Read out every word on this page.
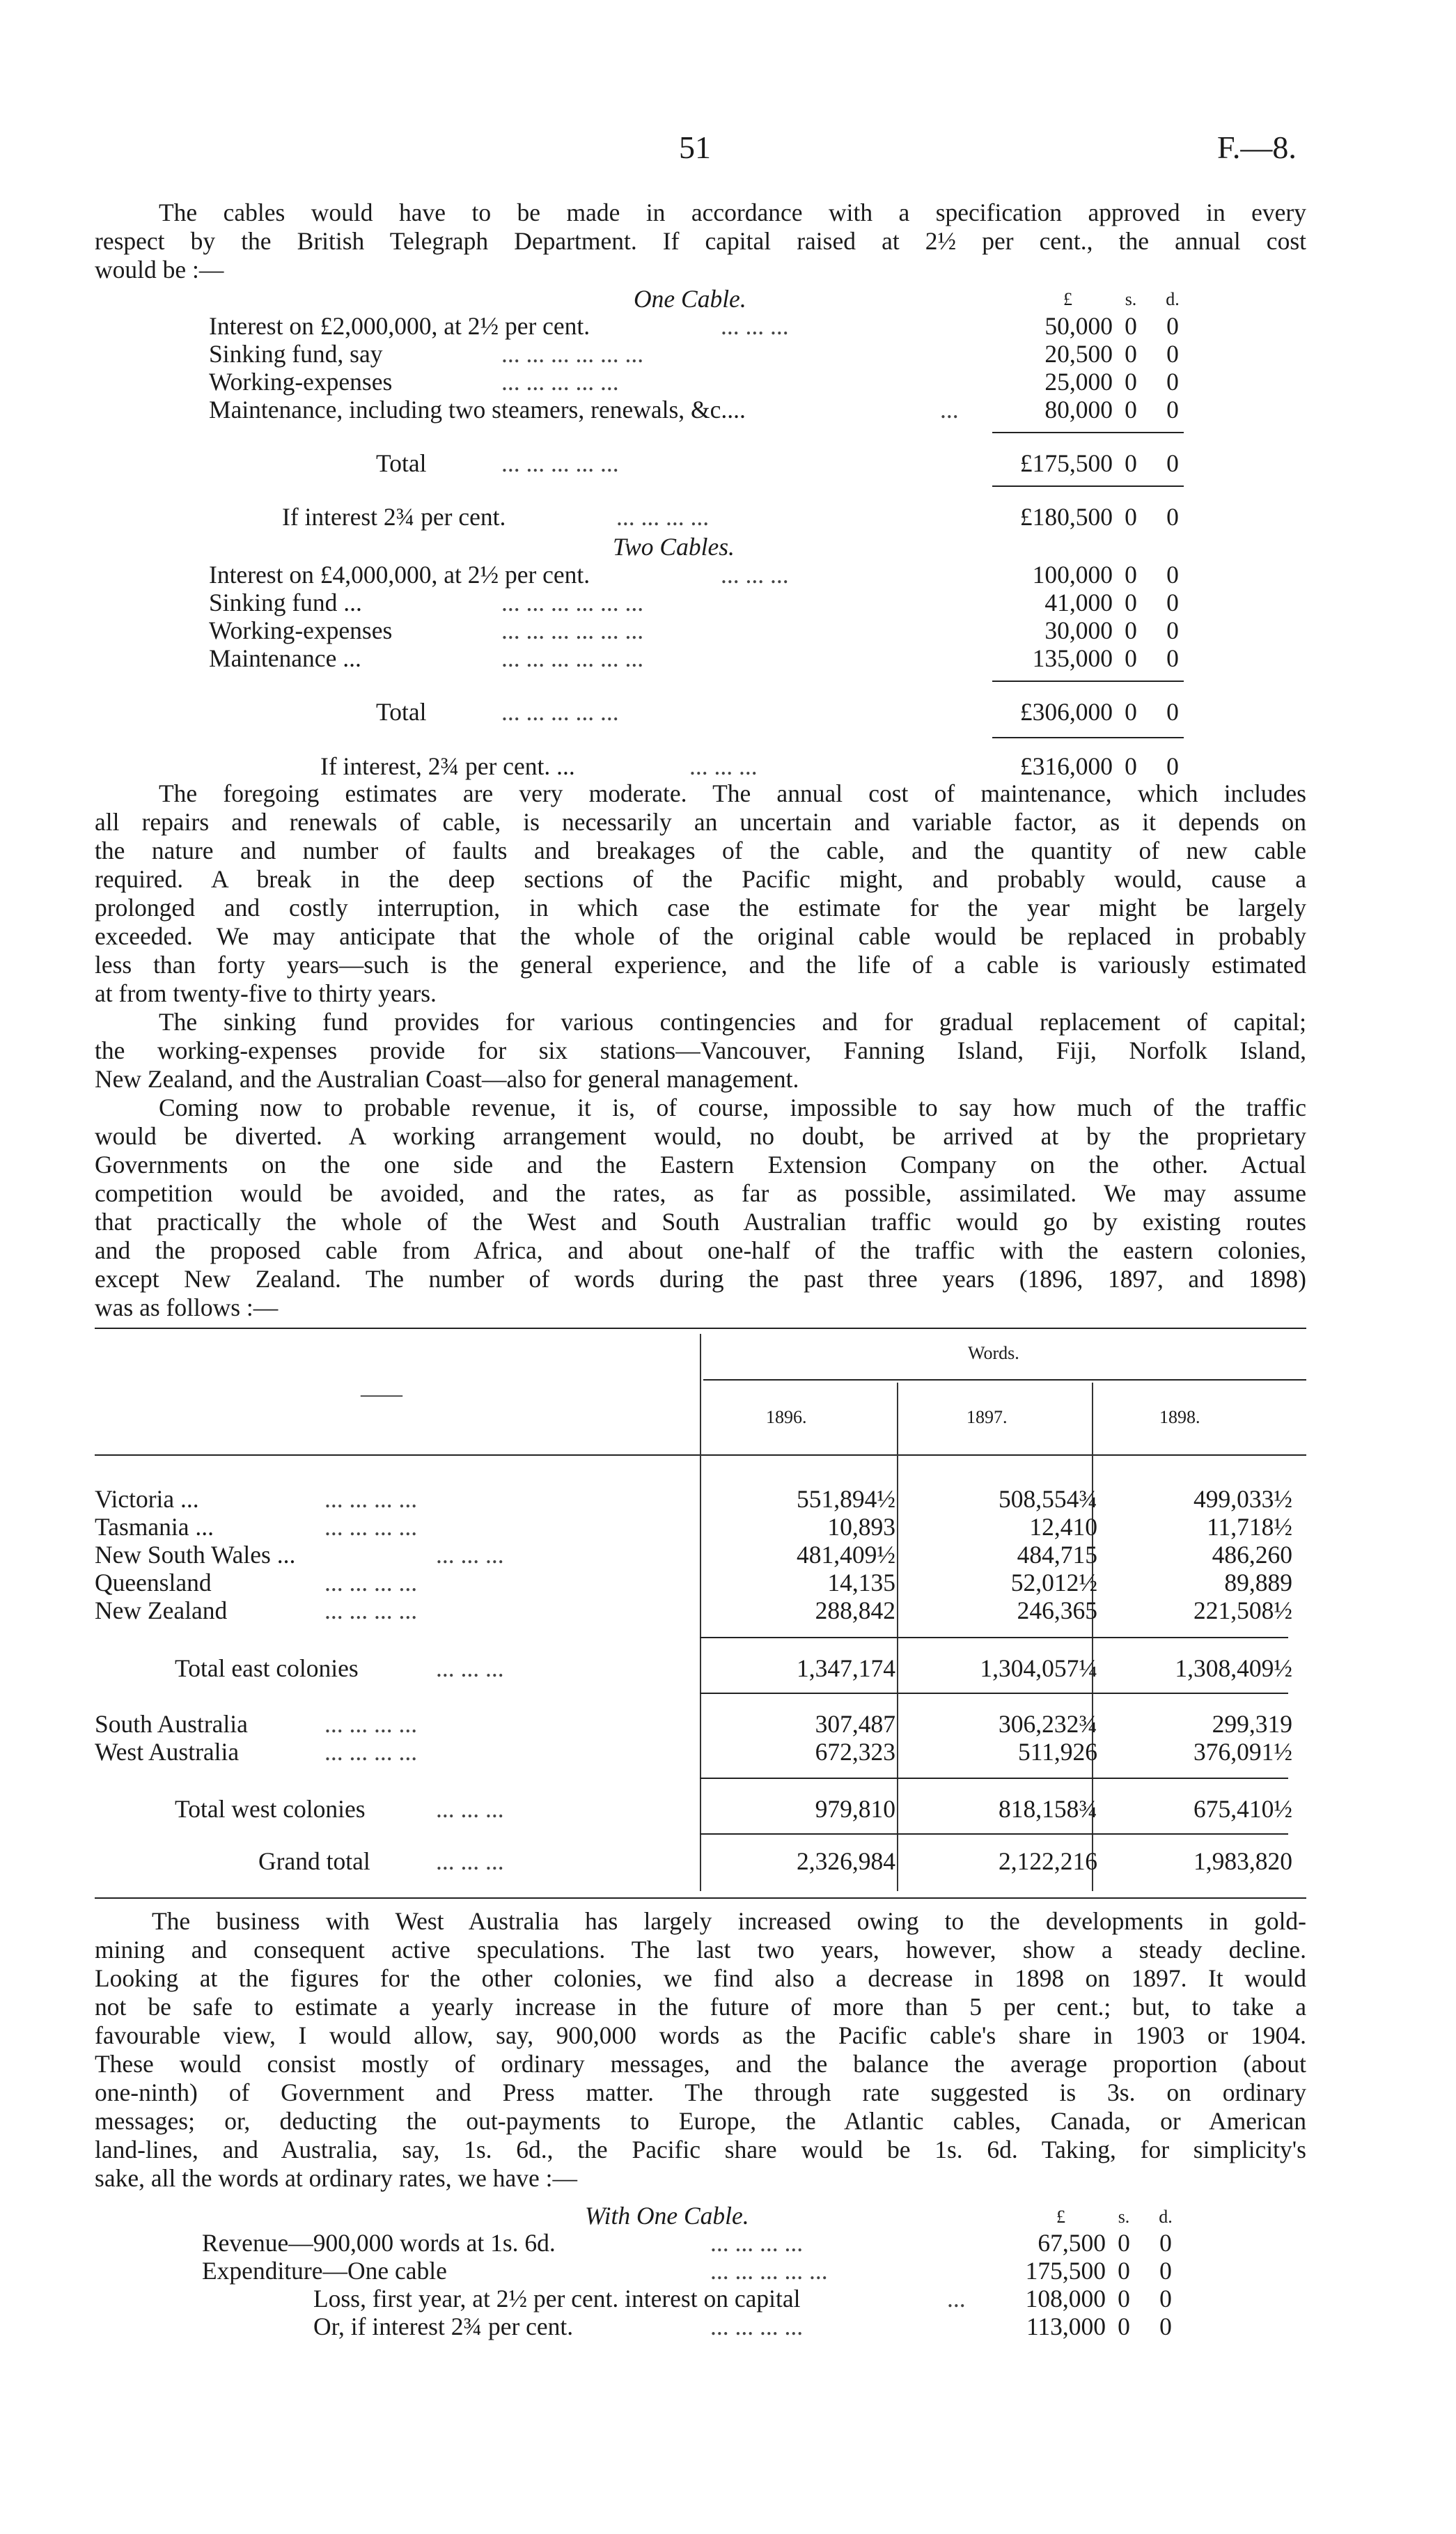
51	F.—8.
The cables would have to be made in accordance with a specification approved in every
respect by the British Telegraph Department. If capital raised at 2½ per cent., the annual cost
would be :—
One Cable.	£	s. d.
Interest on £2,000,000, at 2½ per cent.	... ... ...	50,000 0 0
Sinking fund, say	... ... ... ... ... ...	20,500 0 0
Working-expenses	... ... ... ... ...	25,000 0 0
Maintenance, including two steamers, renewals, &c....	...	80,000 0 0
Total	... ... ... ... ...	£175,500 0 0
If interest 2¾ per cent.	... ... ... ...	£180,500 0 0
Two Cables.
Interest on £4,000,000, at 2½ per cent.	... ... ...	100,000 0 0
Sinking fund ...	... ... ... ... ... ...	41,000 0 0
Working-expenses	... ... ... ... ... ...	30,000 0 0
Maintenance ...	... ... ... ... ... ...	135,000 0 0
Total	... ... ... ... ...	£306,000 0 0
If interest, 2¾ per cent. ...	... ... ...	£316,000 0 0
The foregoing estimates are very moderate. The annual cost of maintenance, which includes
all repairs and renewals of cable, is necessarily an uncertain and variable factor, as it depends on
the nature and number of faults and breakages of the cable, and the quantity of new cable
required. A break in the deep sections of the Pacific might, and probably would, cause a
prolonged and costly interruption, in which case the estimate for the year might be largely
exceeded. We may anticipate that the whole of the original cable would be replaced in probably
less than forty years—such is the general experience, and the life of a cable is variously estimated
at from twenty-five to thirty years.
The sinking fund provides for various contingencies and for gradual replacement of capital;
the working-expenses provide for six stations—Vancouver, Fanning Island, Fiji, Norfolk Island,
New Zealand, and the Australian Coast—also for general management.
Coming now to probable revenue, it is, of course, impossible to say how much of the traffic
would be diverted. A working arrangement would, no doubt, be arrived at by the proprietary
Governments on the one side and the Eastern Extension Company on the other. Actual
competition would be avoided, and the rates, as far as possible, assimilated. We may assume
that practically the whole of the West and South Australian traffic would go by existing routes
and the proposed cable from Africa, and about one-half of the traffic with the eastern colonies,
except New Zealand. The number of words during the past three years (1896, 1897, and 1898)
was as follows :—
Words.
——
1896.	1897.	1898.
Victoria ...	... ... ... ...	551,894½	508,554¾	499,033½
Tasmania ...	... ... ... ...	10,893	12,410	11,718½
New South Wales ...	... ... ...	481,409½	484,715	486,260
Queensland	... ... ... ...	14,135	52,012½	89,889
New Zealand	... ... ... ...	288,842	246,365	221,508½
Total east colonies	... ... ...	1,347,174	1,304,057¼	1,308,409½
South Australia	... ... ... ...	307,487	306,232¾	299,319
West Australia	... ... ... ...	672,323	511,926	376,091½
Total west colonies	... ... ...	979,810	818,158¾	675,410½
Grand total	... ... ...	2,326,984	2,122,216	1,983,820
The business with West Australia has largely increased owing to the developments in gold-
mining and consequent active speculations. The last two years, however, show a steady decline.
Looking at the figures for the other colonies, we find also a decrease in 1898 on 1897. It would
not be safe to estimate a yearly increase in the future of more than 5 per cent.; but, to take a
favourable view, I would allow, say, 900,000 words as the Pacific cable's share in 1903 or 1904.
These would consist mostly of ordinary messages, and the balance the average proportion (about
one-ninth) of Government and Press matter. The through rate suggested is 3s. on ordinary
messages; or, deducting the out-payments to Europe, the Atlantic cables, Canada, or American
land-lines, and Australia, say, 1s. 6d., the Pacific share would be 1s. 6d. Taking, for simplicity's
sake, all the words at ordinary rates, we have :—
With One Cable.	£	s. d.
Revenue—900,000 words at 1s. 6d.	... ... ... ...	67,500 0 0
Expenditure—One cable	... ... ... ... ...	175,500 0 0
Loss, first year, at 2½ per cent. interest on capital	... 108,000 0 0
Or, if interest 2¾ per cent.	... ... ... ...	113,000 0 0
